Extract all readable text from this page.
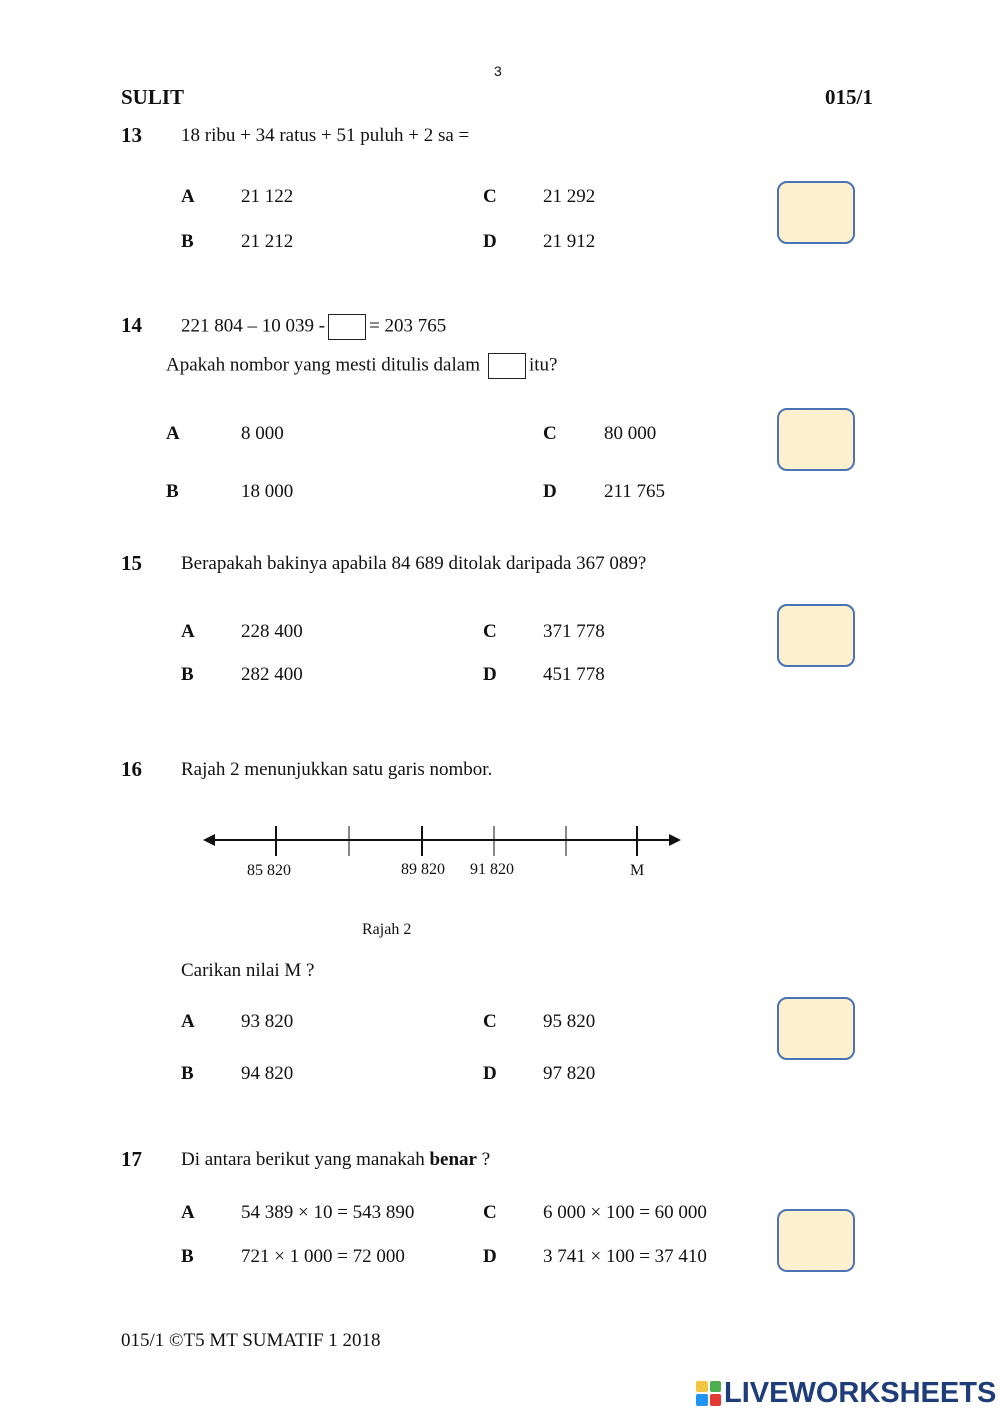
3
SULIT	015/1
13 18 ribu + 34 ratus + 51 puluh + 2 sa =
A 21 122
B 21 212
C 21 292
D 21 912
14 221 804 – 10 039 - = 203 765
Apakah nombor yang mesti ditulis dalam	itu?
A	8 000
B	18 000
C 80 000
D 211 765
15 Berapakah bakinya apabila 84 689 ditolak daripada 367 089?
A 228 400
B 282 400
C 371 778
D 451 778
16 Rajah 2 menunjukkan satu garis nombor.
85 820	89 820 91 820	M
Rajah 2
Carikan nilai M ?
A 93 820
B 94 820
C 95 820
D 97 820
17 Di antara berikut yang manakah benar ?
A 54 389 × 10 = 543 890
B 721 × 1 000 = 72 000
C 6 000 × 100 = 60 000
D 3 741 × 100 = 37 410
015/1 ©T5 MT SUMATIF 1 2018
LIVEWORKSHEETS
